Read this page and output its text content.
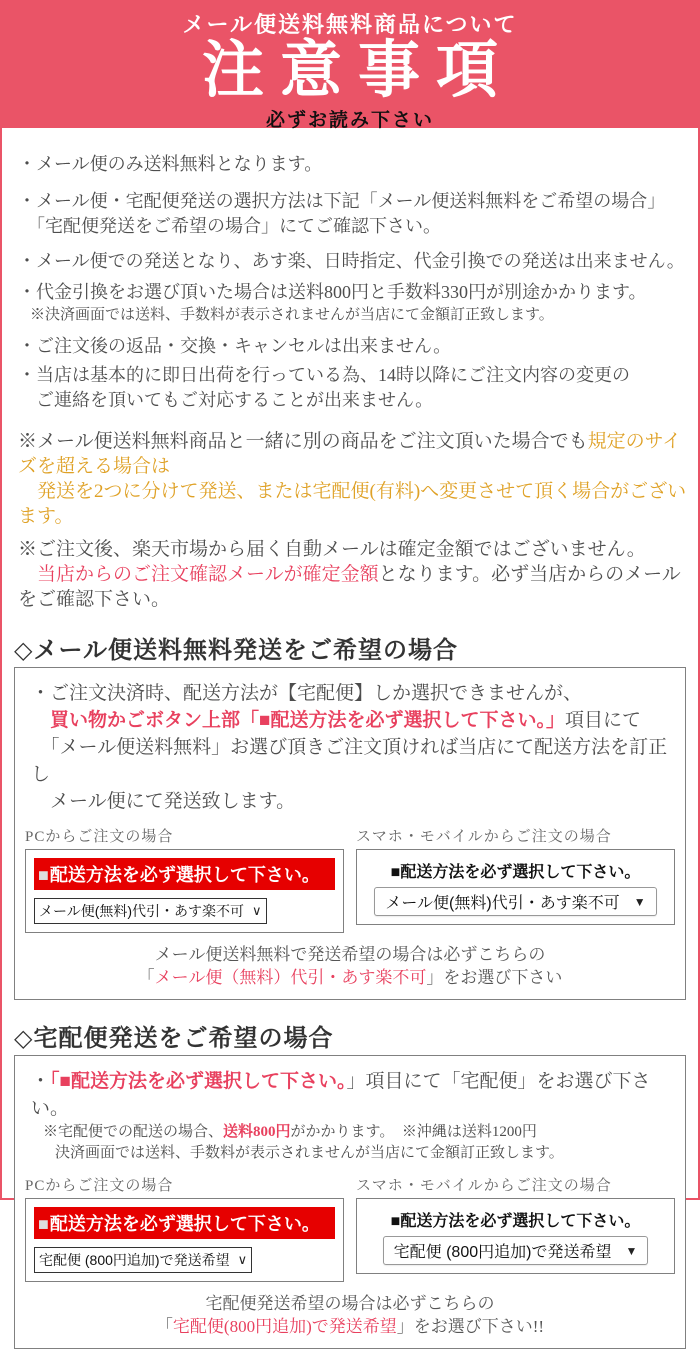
メール便送料無料商品について
注意事項
必ずお読み下さい
・メール便のみ送料無料となります。
・メール便・宅配便発送の選択方法は下記「メール便送料無料をご希望の場合」
　「宅配便発送をご希望の場合」にてご確認下さい。
・メール便での発送となり、あす楽、日時指定、代金引換での発送は出来ません。
・代金引換をお選び頂いた場合は送料800円と手数料330円が別途かかります。
※決済画面では送料、手数料が表示されませんが当店にて金額訂正致します。
・ご注文後の返品・交換・キャンセルは出来ません。
・当店は基本的に即日出荷を行っている為、14時以降にご注文内容の変更の
　ご連絡を頂いてもご対応することが出来ません。
※メール便送料無料商品と一緒に別の商品をご注文頂いた場合でも規定のサイズを超える場合は
　発送を2つに分けて発送、または宅配便(有料)へ変更させて頂く場合がございます。
※ご注文後、楽天市場から届く自動メールは確定金額ではございません。
　当店からのご注文確認メールが確定金額となります。必ず当店からのメールをご確認下さい。
◇メール便送料無料発送をご希望の場合
・ご注文決済時、配送方法が【宅配便】しか選択できませんが、
　買い物かごボタン上部「■配送方法を必ず選択して下さい。」項目にて
　「メール便送料無料」お選び頂きご注文頂ければ当店にて配送方法を訂正し
　メール便にて発送致します。
PCからご注文の場合
■配送方法を必ず選択して下さい。
メール便(無料)代引・あす楽不可 ∨
スマホ・モバイルからご注文の場合
■配送方法を必ず選択して下さい。
メール便(無料)代引・あす楽不可 ▼
メール便送料無料で発送希望の場合は必ずこちらの
「メール便（無料）代引・あす楽不可」をお選び下さい
◇宅配便発送をご希望の場合
・「■配送方法を必ず選択して下さい。」項目にて「宅配便」をお選び下さい。
※宅配便での配送の場合、送料800円がかかります。　※沖縄は送料1200円
決済画面では送料、手数料が表示されませんが当店にて金額訂正致します。
PCからご注文の場合
■配送方法を必ず選択して下さい。
宅配便 (800円追加)で発送希望 ∨
スマホ・モバイルからご注文の場合
■配送方法を必ず選択して下さい。
宅配便 (800円追加)で発送希望 ▼
宅配便発送希望の場合は必ずこちらの
「宅配便(800円追加)で発送希望」をお選び下さい!!
